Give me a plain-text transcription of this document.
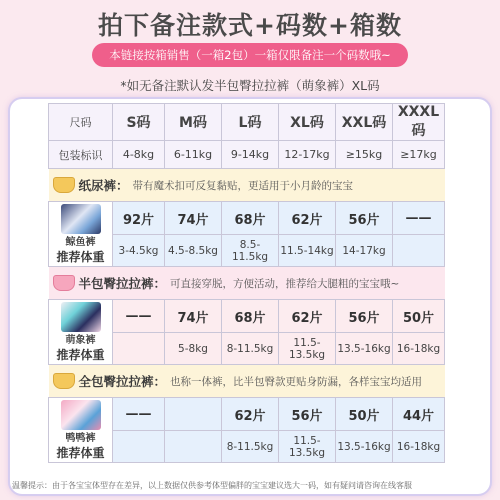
拍下备注款式+码数+箱数
本链接按箱销售（一箱2包）一箱仅限备注一个码数哦~
*如无备注默认发半包臀拉拉裤（萌象裤）XL码
尺码	S码	M码	L码	XL码	XXL码	XXXL码
包装标识	4-8kg	6-11kg	9-14kg	12-17kg	≥15kg	≥17kg
纸尿裤： 带有魔术扣可反复黏贴，更适用于小月龄的宝宝						

鲸鱼裤
推荐体重	92片	74片	68片	62片	56片	——
	3-4.5kg	4.5-8.5kg	8.5-11.5kg	11.5-14kg	14-17kg	
半包臀拉拉裤： 可直接穿脱，方便活动，推荐给大腿粗的宝宝哦~						

萌象裤
推荐体重	——	74片	68片	62片	56片	50片
		5-8kg	8-11.5kg	11.5-13.5kg	13.5-16kg	16-18kg
全包臀拉拉裤： 也称一体裤，比半包臀款更贴身防漏，各样宝宝均适用						

鸭鸭裤
推荐体重	——		62片	56片	50片	44片
			8-11.5kg	11.5-13.5kg	13.5-16kg	16-18kg
温馨提示：由于各宝宝体型存在差异，以上数据仅供参考体型偏胖的宝宝建议选大一码，如有疑问请咨询在线客服
